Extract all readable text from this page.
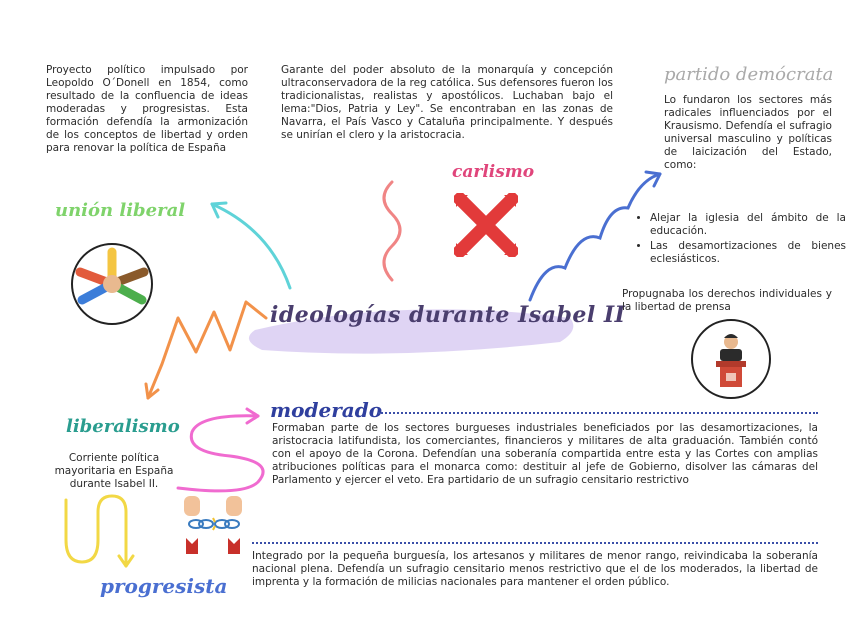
ideologías durante Isabel II
Proyecto político impulsado por Leopoldo O´Donell en 1854, como resultado de la confluencia de ideas moderadas y progresistas. Esta formación defendía la armonización de los conceptos de libertad y orden para renovar la política de España
unión liberal
Garante del poder absoluto de la monarquía y concepción ultraconservadora de la reg católica. Sus defensores fueron los tradicionalistas, realistas y apostólicos. Luchaban bajo el lema:"Dios, Patria y Ley". Se encontraban en las zonas de Navarra, el País Vasco y Cataluña principalmente. Y después se unirían el clero y la aristocracia.
carlismo
partido demócrata
Lo fundaron los sectores más radicales influenciados por el Krausismo. Defendía el sufragio universal masculino y políticas de laicización del Estado, como:
• Alejar la iglesia del ámbito de la educación.
• Las desamortizaciones de bienes eclesiásticos.
Propugnaba los derechos individuales y la libertad de prensa
liberalismo
Corriente política mayoritaria en España durante Isabel II.
moderado
Formaban parte de los sectores burgueses industriales beneficiados por las desamortizaciones, la aristocracia latifundista, los comerciantes, financieros y militares de alta graduación. También contó con el apoyo de la Corona. Defendían una soberanía compartida entre esta y las Cortes con amplias atribuciones políticas para el monarca como: destituir al jefe de Gobierno, disolver las cámaras del Parlamento y ejercer el veto. Era partidario de un sufragio censitario restrictivo
Integrado por la pequeña burguesía, los artesanos y militares de menor rango, reivindicaba la soberanía nacional plena. Defendía un sufragio censitario menos restrictivo que el de los moderados, la libertad de imprenta y la formación de milicias nacionales para mantener el orden público.
progresista
